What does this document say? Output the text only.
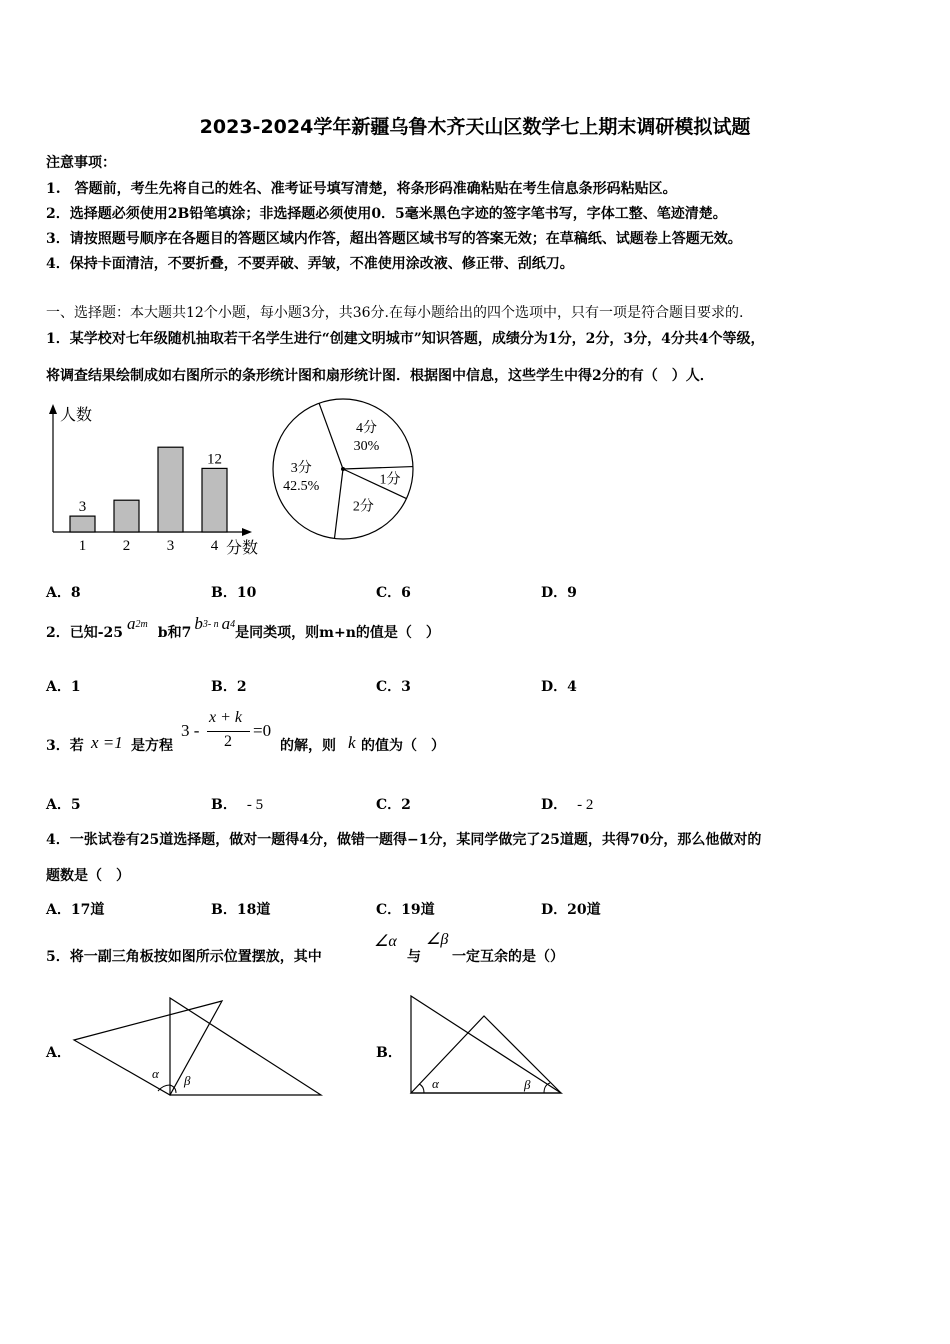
2023-2024学年新疆乌鲁木齐天山区数学七上期末调研模拟试题
注意事项：
1.　答题前，考生先将自己的姓名、准考证号填写清楚，将条形码准确粘贴在考生信息条形码粘贴区。
2．选择题必须使用2B铅笔填涂；非选择题必须使用0．5毫米黑色字迹的签字笔书写，字体工整、笔迹清楚。
3．请按照题号顺序在各题目的答题区域内作答，超出答题区域书写的答案无效；在草稿纸、试题卷上答题无效。
4．保持卡面清洁，不要折叠，不要弄破、弄皱，不准使用涂改液、修正带、刮纸刀。
一、选择题：本大题共12个小题，每小题3分，共36分.在每小题给出的四个选项中，只有一项是符合题目要求的.
1．某学校对七年级随机抽取若干名学生进行“创建文明城市”知识答题，成绩分为1分，2分，3分，4分共4个等级，
将调查结果绘制成如右图所示的条形统计图和扇形统计图．根据图中信息，这些学生中得2分的有（　）人．
人数
分数
1
3
2 3 4
12
4分
30%
1分
2分
3分
42.5%
A．8	B．10	C．6	D．9
2．已知-25 $a^{2m}b$和7 $b^{3- n}$ $a^4$是同类项，则m+n的值是（　）
A．1	B．2	C．3	D．4
3．若 x =1 是方程
3 -
x + k
2
=0
的解，则 k 的值为（　）
A．5	B． - 5	C．2	D． - 2
4．一张试卷有25道选择题，做对一题得4分，做错一题得−1分，某同学做完了25道题，共得70分，那么他做对的
题数是（　）
A．17道	B．18道	C．19道	D．20道
5．将一副三角板按如图所示位置摆放，其中
∠α
与
∠β
一定互余的是（）
A．
α β
B．
α	β
